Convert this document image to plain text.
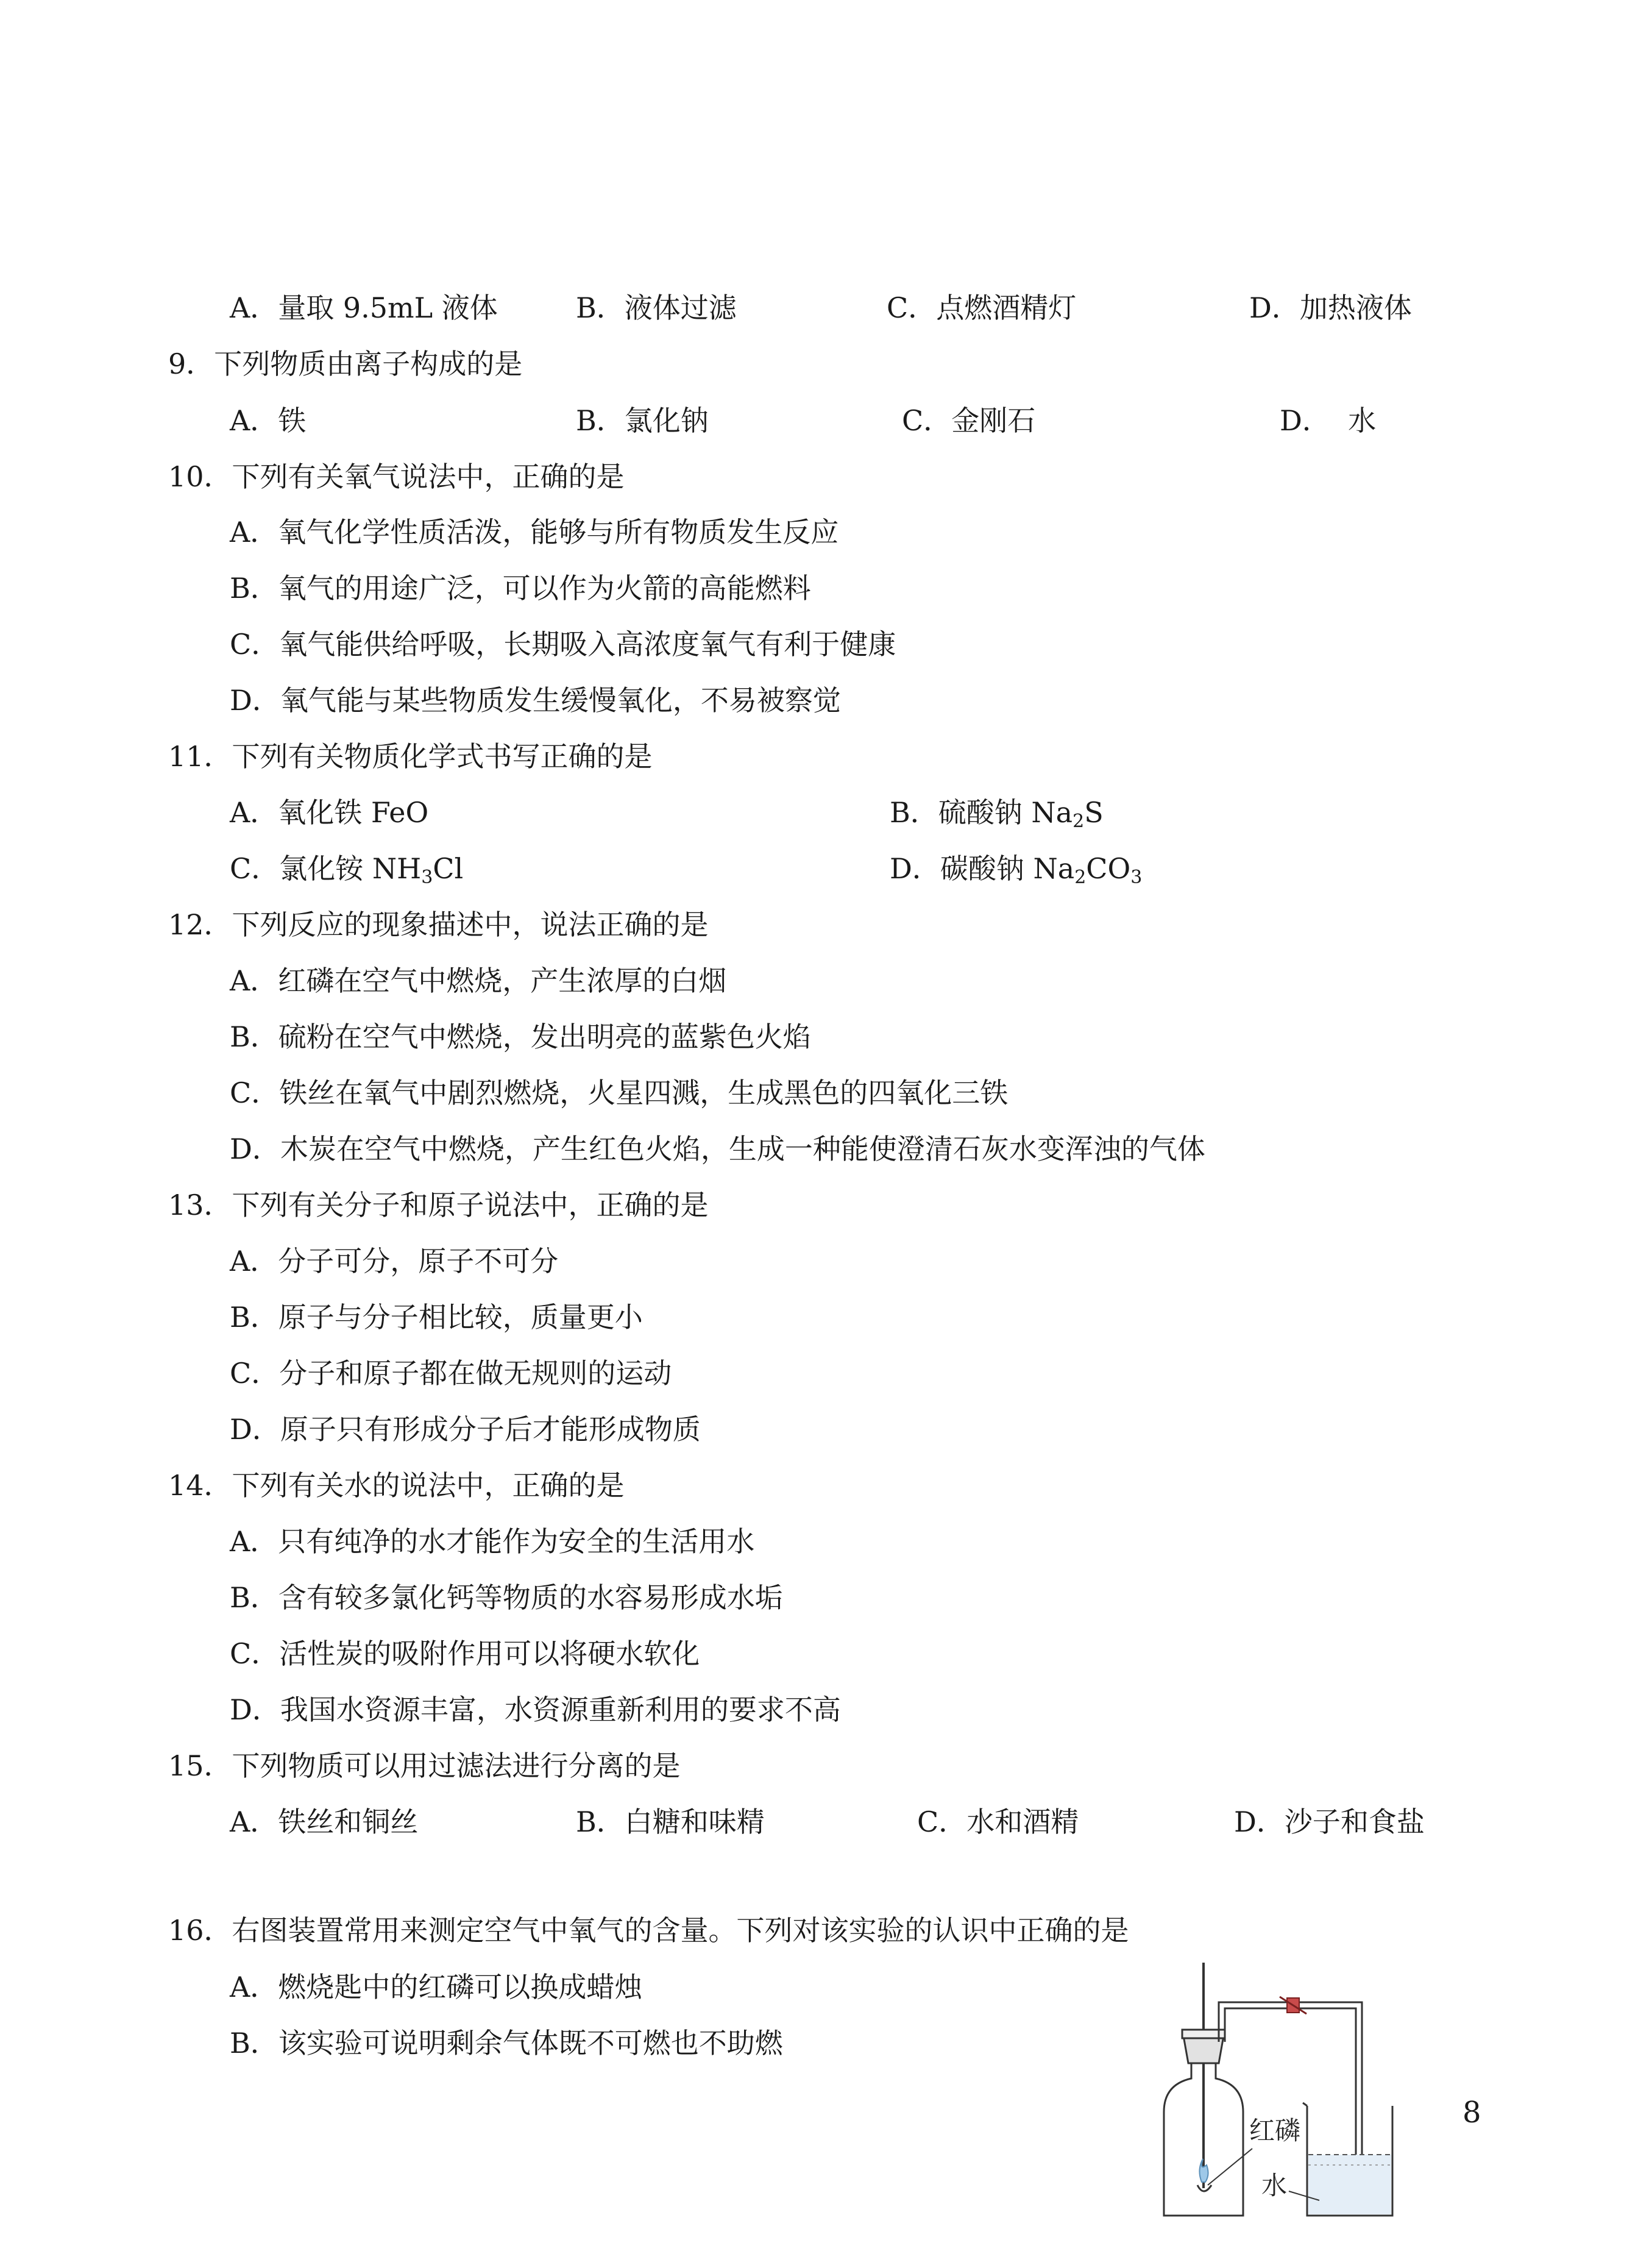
A．量取 9.5mL 液体	B．液体过滤	C．点燃酒精灯	D．加热液体
9．下列物质由离子构成的是
A．铁	B．氯化钠	C．金刚石	D．  水
10．下列有关氧气说法中，正确的是
A．氧气化学性质活泼，能够与所有物质发生反应
B．氧气的用途广泛，可以作为火箭的高能燃料
C．氧气能供给呼吸，长期吸入高浓度氧气有利于健康
D．氧气能与某些物质发生缓慢氧化，不易被察觉
11．下列有关物质化学式书写正确的是
A．氧化铁 FeO	B．硫酸钠 $Na_2S$
C．氯化铵 $NH_3Cl$	D．碳酸钠 $Na_2CO_3$
12．下列反应的现象描述中，说法正确的是
A．红磷在空气中燃烧，产生浓厚的白烟
B．硫粉在空气中燃烧，发出明亮的蓝紫色火焰
C．铁丝在氧气中剧烈燃烧，火星四溅，生成黑色的四氧化三铁
D．木炭在空气中燃烧，产生红色火焰，生成一种能使澄清石灰水变浑浊的气体
13．下列有关分子和原子说法中，正确的是
A．分子可分，原子不可分
B．原子与分子相比较，质量更小
C．分子和原子都在做无规则的运动
D．原子只有形成分子后才能形成物质
14．下列有关水的说法中，正确的是
A．只有纯净的水才能作为安全的生活用水
B．含有较多氯化钙等物质的水容易形成水垢
C．活性炭的吸附作用可以将硬水软化
D．我国水资源丰富，水资源重新利用的要求不高
15．下列物质可以用过滤法进行分离的是
A．铁丝和铜丝	B．白糖和味精	C．水和酒精	D．沙子和食盐
16．右图装置常用来测定空气中氧气的含量。下列对该实验的认识中正确的是
A．燃烧匙中的红磷可以换成蜡烛
B．该实验可说明剩余气体既不可燃也不助燃
红磷
水
8
